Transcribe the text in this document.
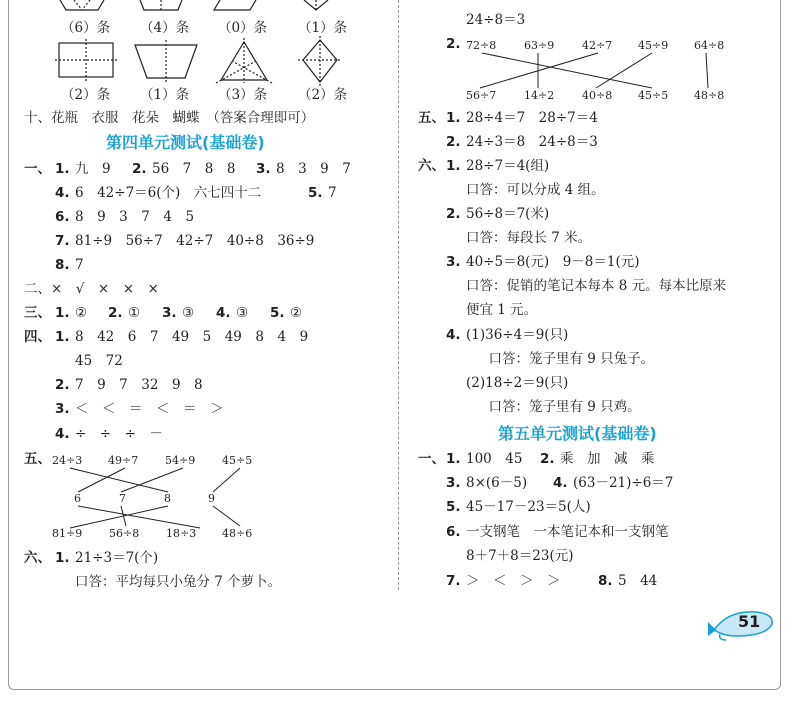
（6）条 （4）条 （0）条 （1）条
（2）条 （1）条 （3）条 （2）条
十、花瓶　衣服　花朵　蝴蝶　（答案合理即可）
第四单元测试(基础卷)
一、 1. 九　9 2. 56　7　8　8 3. 8　3　9　7
4. 6　42÷7＝6(个)　六七四十二	5. 7
6. 8　9　3　7　4　5
7. 81÷9　56÷7　42÷7　40÷8　36÷9
8. 7
二、×　√　×　×　×
三、 1. ② 2. ① 3. ③ 4. ③ 5. ②
四、 1. 8　42　6　7　49　5　49　8　4　9
45　72
2. 7　9　7　32　9　8
3. ＜　＜　＝　＜　＝　＞
4. ÷　÷　÷　－
五、 24÷3 49÷7 54÷9 45÷5
6	7	8	9
81÷9 56÷8 18÷3 48÷6
六、 1. 21÷3＝7(个)
口答：平均每只小兔分 7 个萝卜。
24÷8＝3
2. 72÷8	63÷9	42÷7 45÷9 64÷8
56÷7	14÷2	40÷8 45÷5 48÷8
五、 1. 28÷4＝7　28÷7＝4
2. 24÷3＝8　24÷8＝3
六、 1. 28÷7＝4(组)
口答：可以分成 4 组。
2. 56÷8＝7(米)
口答：每段长 7 米。
3. 40÷5＝8(元)　9－8＝1(元)
口答：促销的笔记本每本 8 元。每本比原来
便宜 1 元。
4. (1)36÷4＝9(只)
　口答：笼子里有 9 只兔子。
(2)18÷2＝9(只)
　口答：笼子里有 9 只鸡。
第五单元测试(基础卷)
一、 1. 100　45 2. 乘　加　减　乘
3. 8×(6－5) 4. (63－21)÷6＝7
5. 45－17－23＝5(人)
6. 一支钢笔　一本笔记本和一支钢笔
8＋7＋8＝23(元)
7. ＞　＜　＞　＞	8. 5　44
51
